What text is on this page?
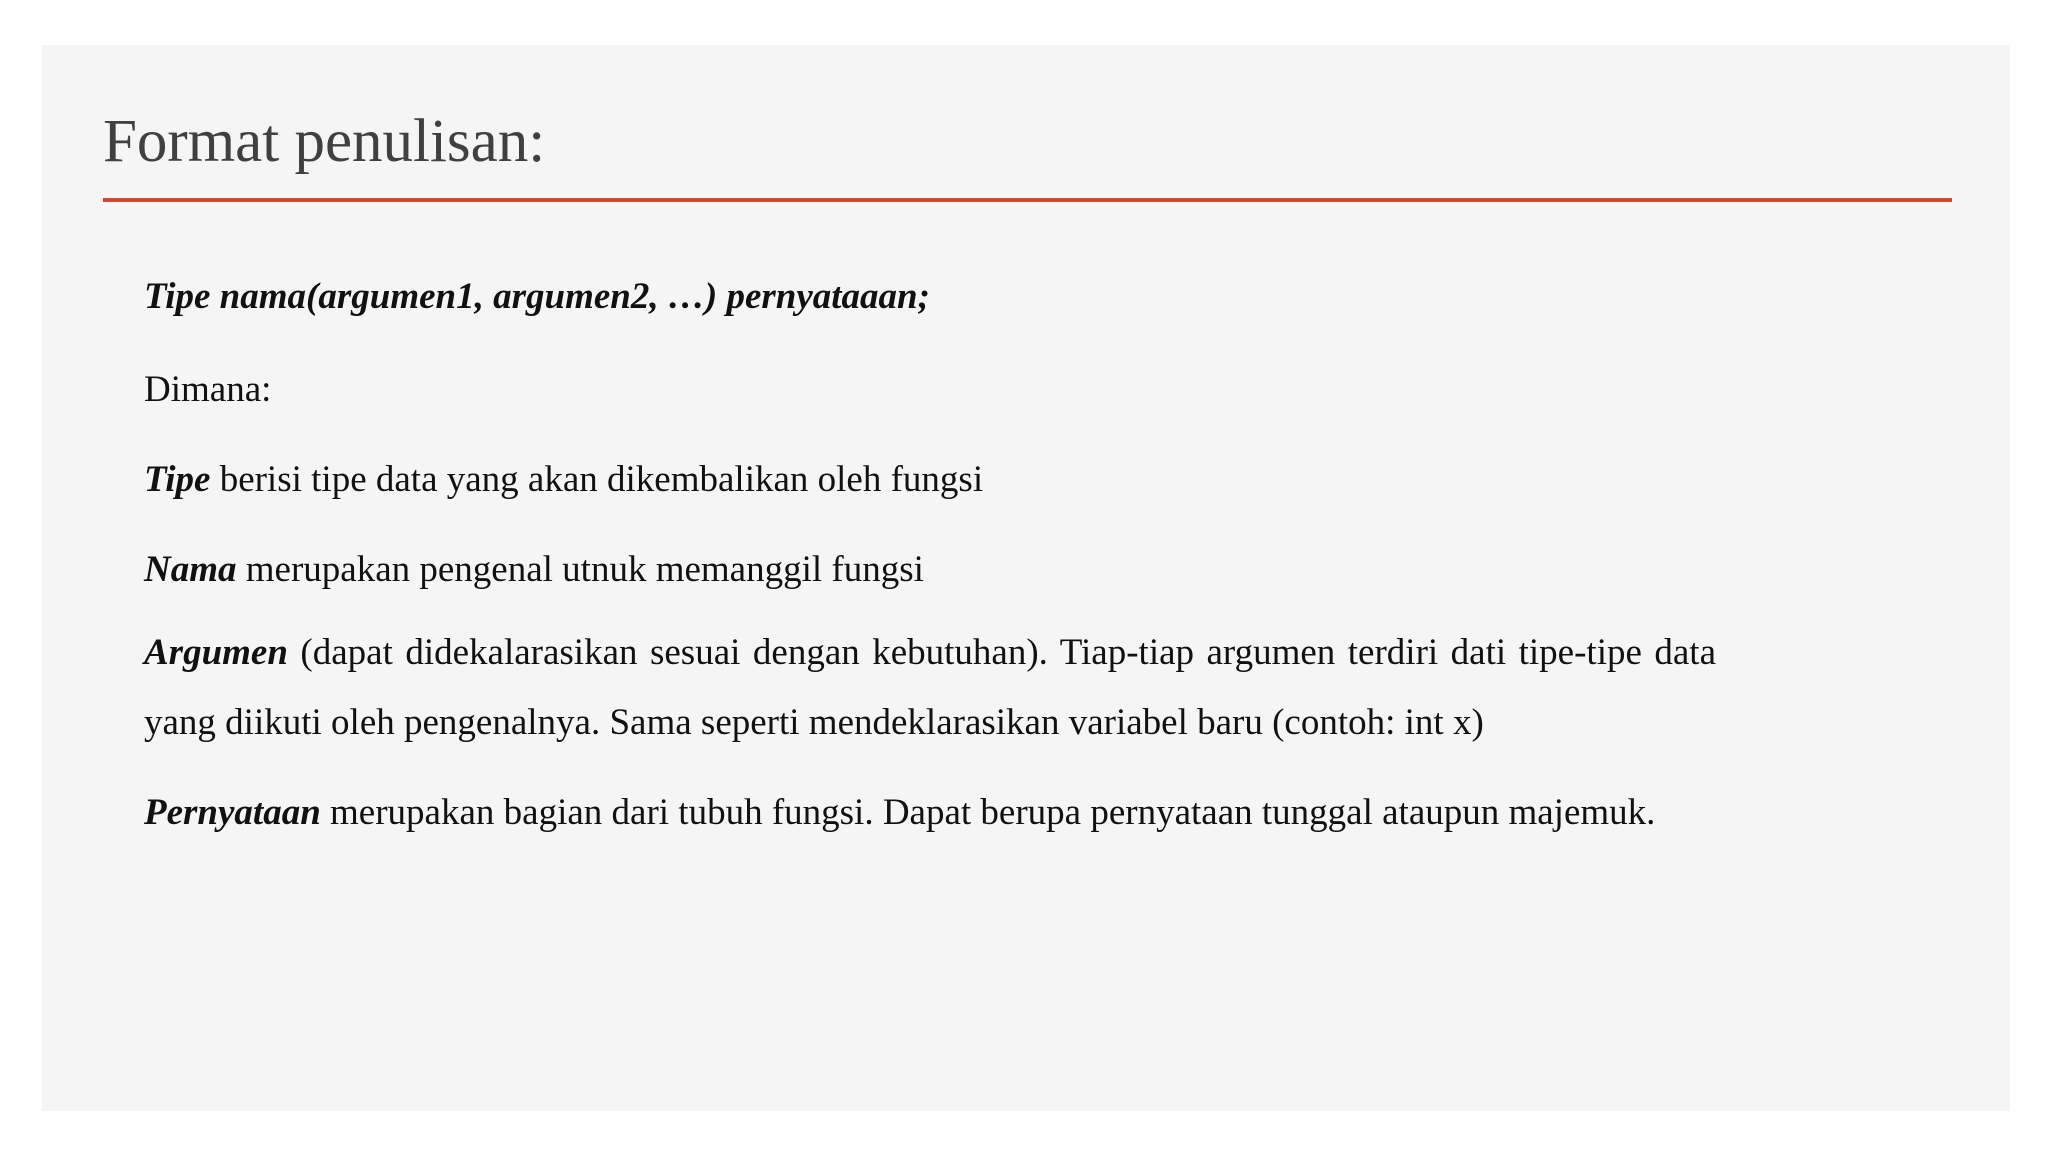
Format penulisan:
Tipe nama(argumen1, argumen2, …) pernyataaan;
Dimana:
Tipe berisi tipe data yang akan dikembalikan oleh fungsi
Nama merupakan pengenal utnuk memanggil fungsi
Argumen (dapat didekalarasikan sesuai dengan kebutuhan). Tiap-tiap argumen terdiri dati tipe-tipe data yang diikuti oleh pengenalnya. Sama seperti mendeklarasikan variabel baru (contoh: int x)
Pernyataan merupakan bagian dari tubuh fungsi. Dapat berupa pernyataan tunggal ataupun majemuk.
